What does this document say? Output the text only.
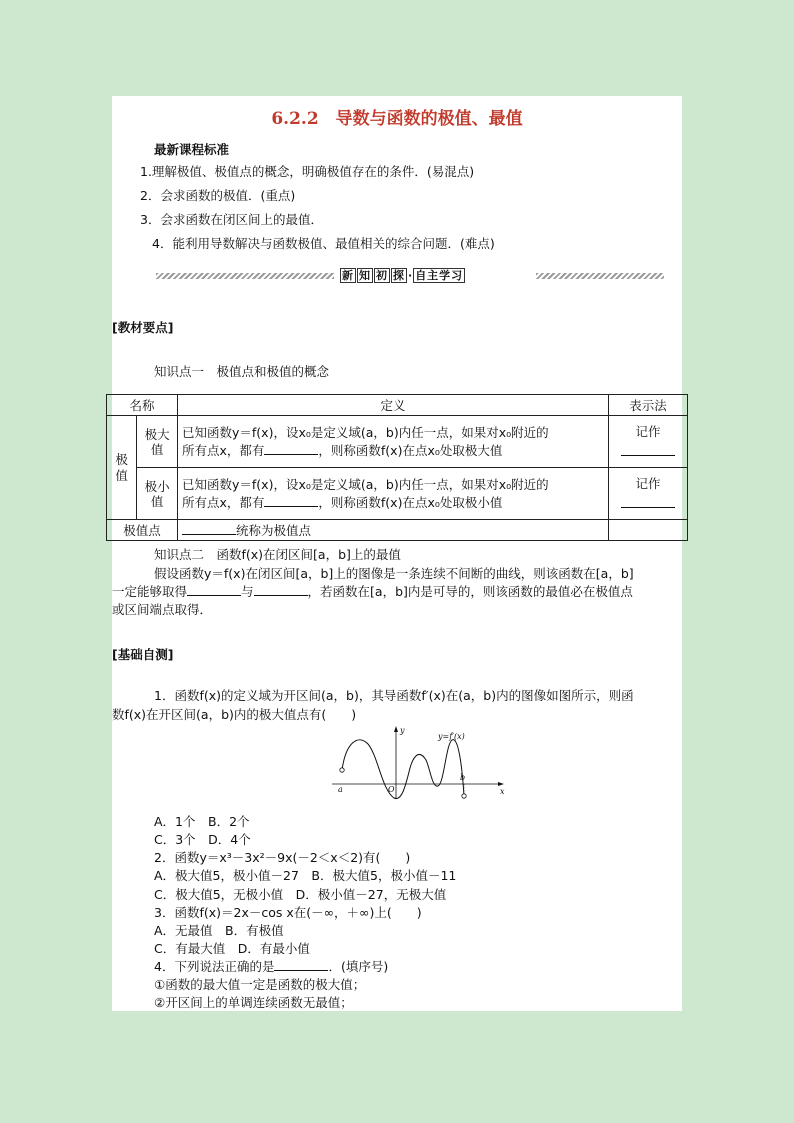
6.2.2　导数与函数的极值、最值
最新课程标准
1.理解极值、极值点的概念，明确极值存在的条件．(易混点)
2．会求函数的极值．(重点)
3．会求函数在闭区间上的最值．
4．能利用导数解决与函数极值、最值相关的综合问题．(难点)
新 知 初 探 · 自主学习
[教材要点]
知识点一　极值点和极值的概念
名称		定义	表示法
极值	极大值	已知函数y＝f(x)，设x₀是定义域(a，b)内任一点，如果对x₀附近的
所有点x，都有 ，则称函数f(x)在点x₀处取极大值	记作

	极小值	已知函数y＝f(x)，设x₀是定义域(a，b)内任一点，如果对x₀附近的
所有点x，都有 ，则称函数f(x)在点x₀处取极小值	记作

极值点		统称为极值点	
知识点二　函数f(x)在闭区间[a，b]上的最值
假设函数y＝f(x)在闭区间[a，b]上的图像是一条连续不间断的曲线，则该函数在[a，b]
一定能够取得	与	，若函数在[a，b]内是可导的，则该函数的最值必在极值点
或区间端点取得．
[基础自测]
1．函数f(x)的定义域为开区间(a，b)，其导函数f′(x)在(a，b)内的图像如图所示，则函
数f(x)在开区间(a，b)内的极大值点有(　　)
y
y=f′(x)
x
a	O
b
A．1个　B．2个
C．3个　D．4个
2．函数y＝x³－3x²－9x(－2＜x＜2)有(　　)
A．极大值5，极小值－27　B．极大值5，极小值－11
C．极大值5，无极小值　D．极小值－27，无极大值
3．函数f(x)＝2x－cos x在(－∞，＋∞)上(　　)
A．无最值　B．有极值
C．有最大值　D．有最小值
4．下列说法正确的是	．(填序号)
①函数的最大值一定是函数的极大值；
②开区间上的单调连续函数无最值；
